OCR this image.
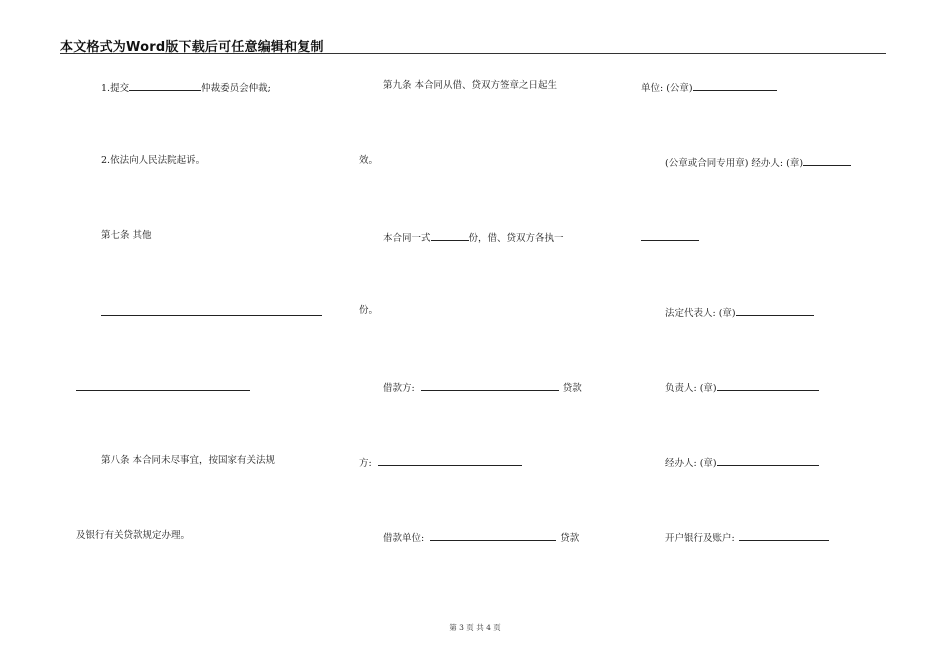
本文格式为Word版下载后可任意编辑和复制
1.提交	仲裁委员会仲裁;
2.依法向人民法院起诉。
第七条 其他
第八条 本合同未尽事宜，按国家有关法规
及银行有关贷款规定办理。
第九条 本合同从借、贷双方签章之日起生
效。
本合同一式	份，借、贷双方各执一
份。
借款方:	贷款
方:
借款单位:	贷款
单位: (公章)
(公章或合同专用章) 经办人: (章)
法定代表人: (章)
负责人: (章)
经办人: (章)
开户银行及账户:
第 3 页 共 4 页
